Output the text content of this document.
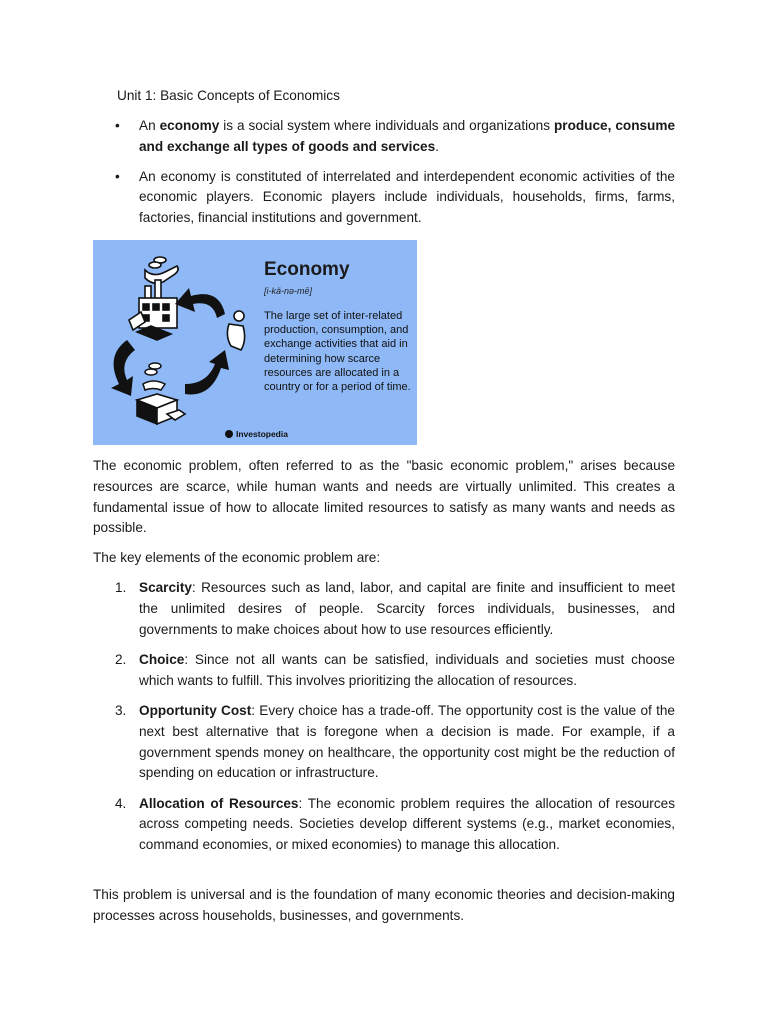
Unit 1: Basic Concepts of Economics
• An economy is a social system where individuals and organizations produce, consume and exchange all types of goods and services.
• An economy is constituted of interrelated and interdependent economic activities of the economic players. Economic players include individuals, households, firms, farms, factories, financial institutions and government.
Economy
[i-kä-nə-mē]
The large set of inter-related production, consumption, and exchange activities that aid in determining how scarce resources are allocated in a country or for a period of time.
Investopedia
The economic problem, often referred to as the "basic economic problem," arises because resources are scarce, while human wants and needs are virtually unlimited. This creates a fundamental issue of how to allocate limited resources to satisfy as many wants and needs as possible.
The key elements of the economic problem are:
1. Scarcity: Resources such as land, labor, and capital are finite and insufficient to meet the unlimited desires of people. Scarcity forces individuals, businesses, and governments to make choices about how to use resources efficiently.
2. Choice: Since not all wants can be satisfied, individuals and societies must choose which wants to fulfill. This involves prioritizing the allocation of resources.
3. Opportunity Cost: Every choice has a trade-off. The opportunity cost is the value of the next best alternative that is foregone when a decision is made. For example, if a government spends money on healthcare, the opportunity cost might be the reduction of spending on education or infrastructure.
4. Allocation of Resources: The economic problem requires the allocation of resources across competing needs. Societies develop different systems (e.g., market economies, command economies, or mixed economies) to manage this allocation.
This problem is universal and is the foundation of many economic theories and decision-making processes across households, businesses, and governments.
